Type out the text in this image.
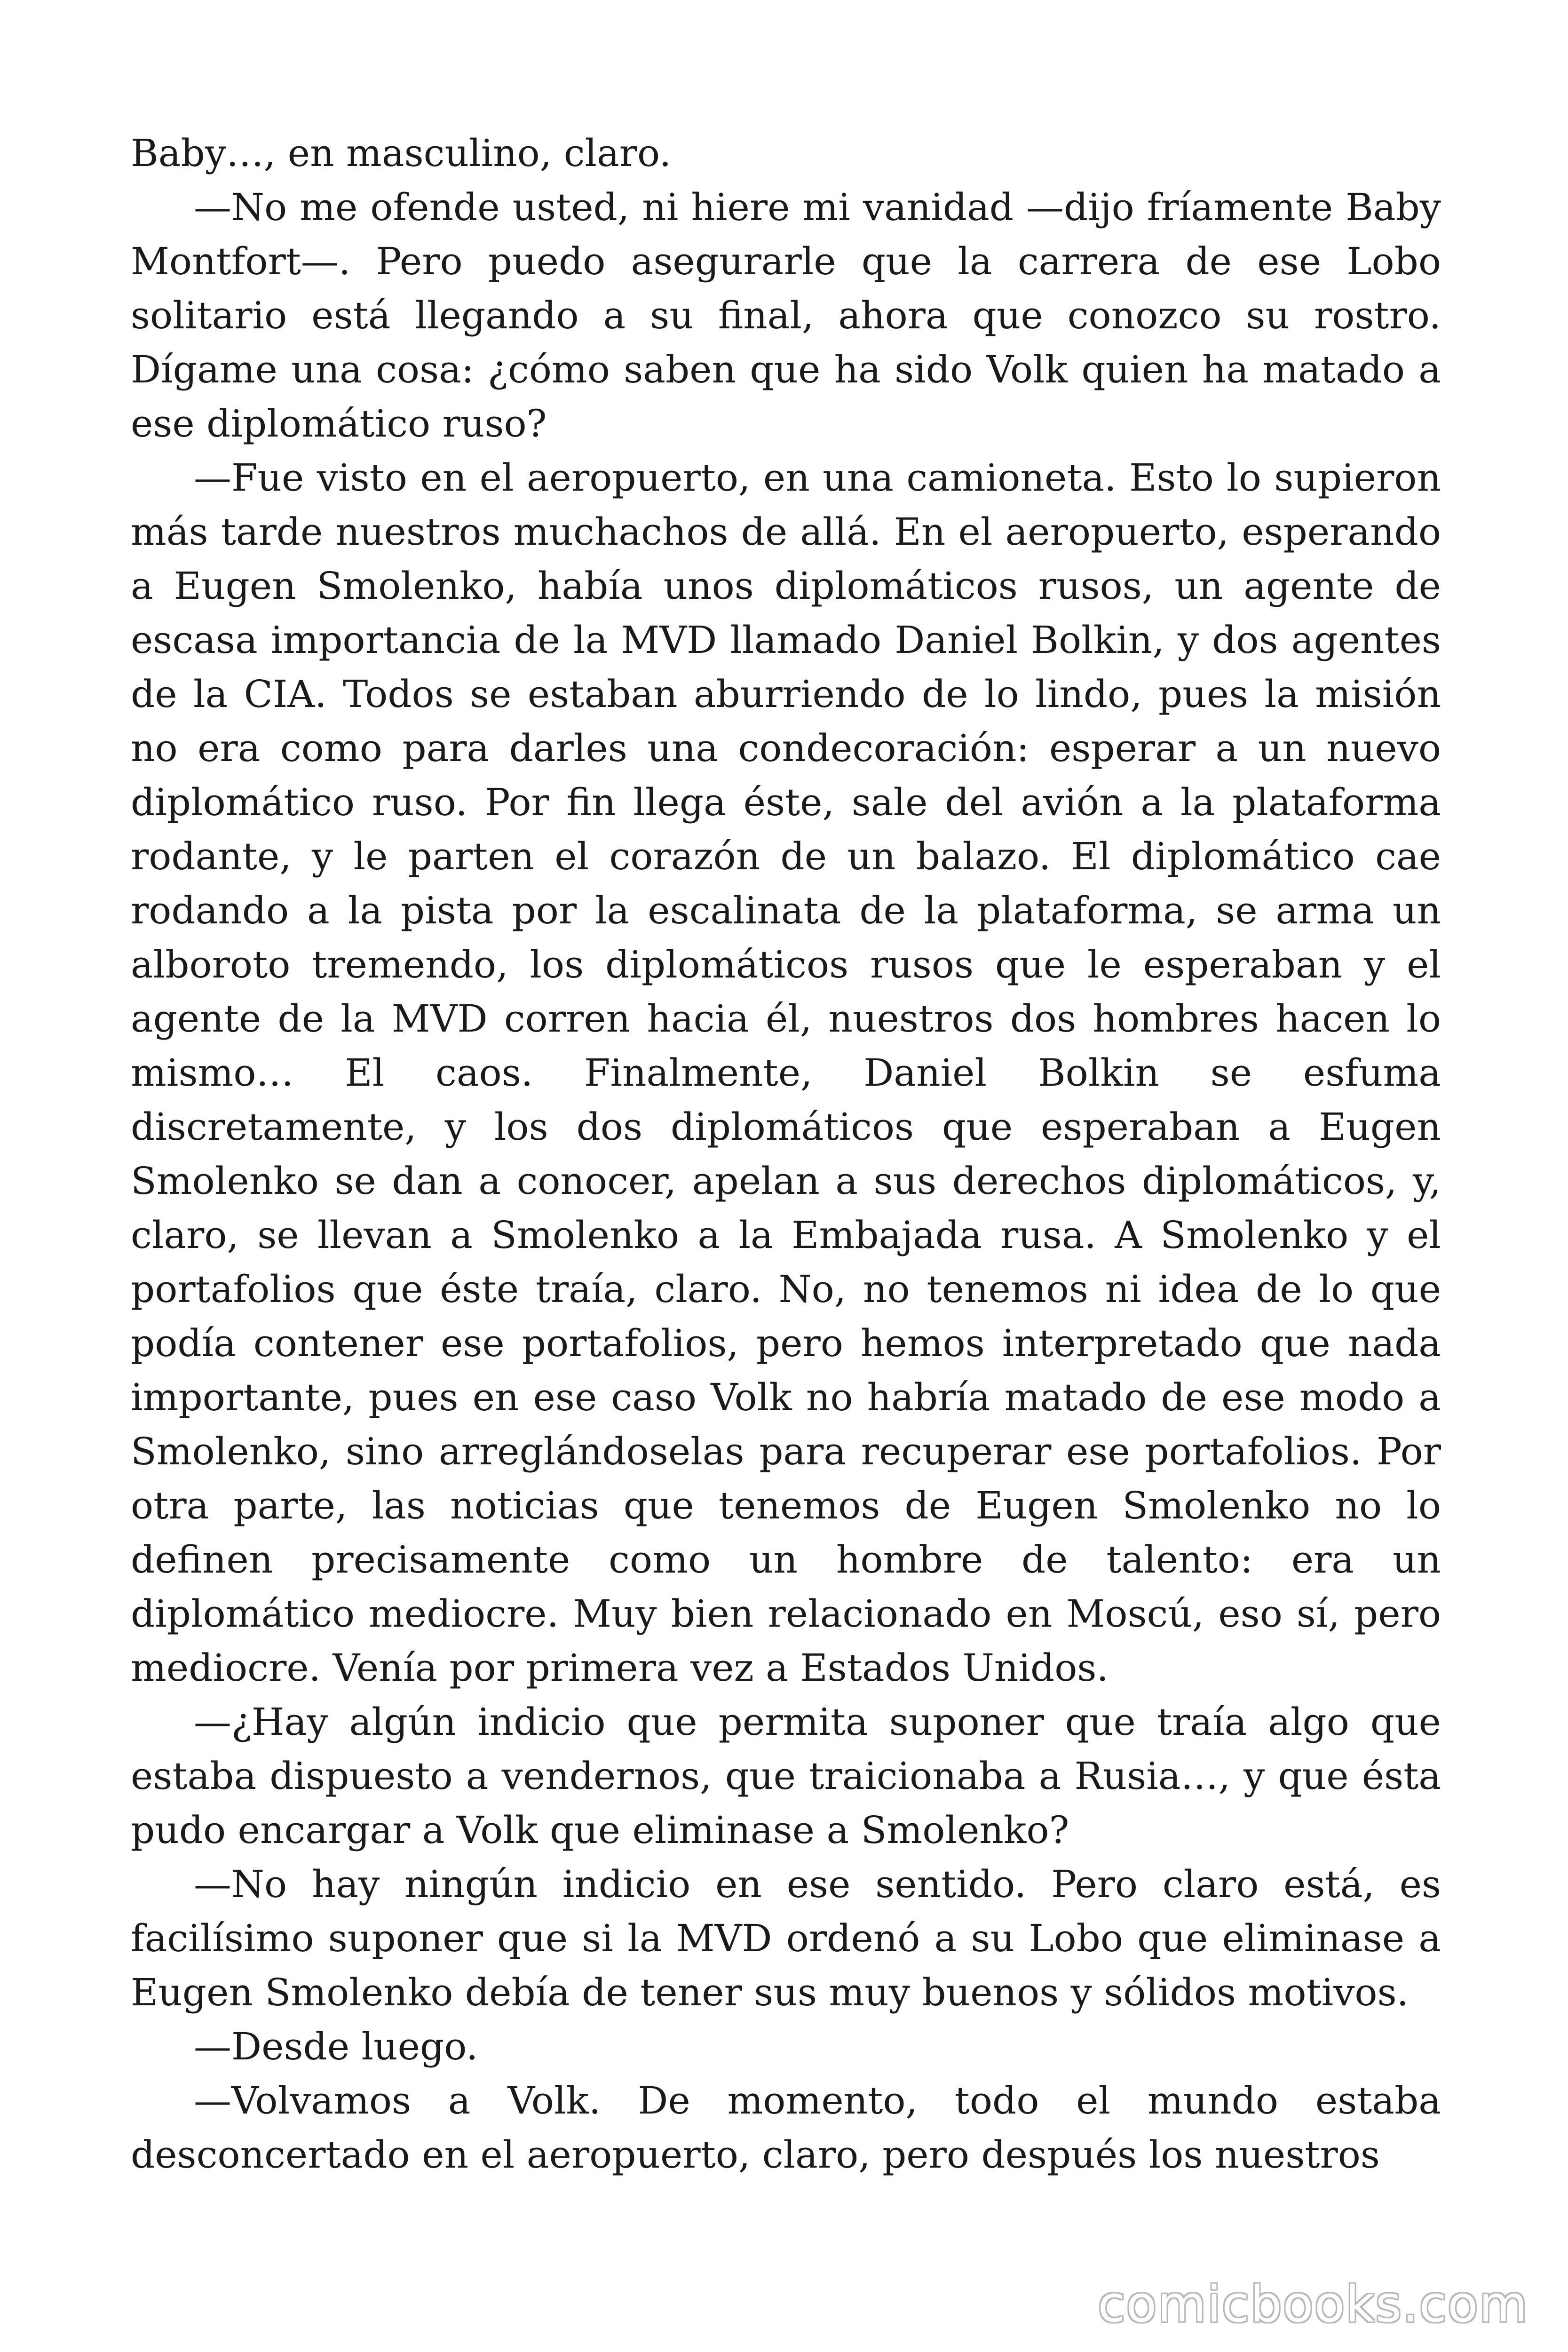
Baby…, en masculino, claro.

—No me ofende usted, ni hiere mi vanidad —dijo fríamente Baby Montfort—. Pero puedo asegurarle que la carrera de ese Lobo solitario está llegando a su final, ahora que conozco su rostro. Dígame una cosa: ¿cómo saben que ha sido Volk quien ha matado a ese diplomático ruso?

—Fue visto en el aeropuerto, en una camioneta. Esto lo supieron más tarde nuestros muchachos de allá. En el aeropuerto, esperando a Eugen Smolenko, había unos diplomáticos rusos, un agente de escasa importancia de la MVD llamado Daniel Bolkin, y dos agentes de la CIA. Todos se estaban aburriendo de lo lindo, pues la misión no era como para darles una condecoración: esperar a un nuevo diplomático ruso. Por fin llega éste, sale del avión a la plataforma rodante, y le parten el corazón de un balazo. El diplomático cae rodando a la pista por la escalinata de la plataforma, se arma un alboroto tremendo, los diplomáticos rusos que le esperaban y el agente de la MVD corren hacia él, nuestros dos hombres hacen lo mismo… El caos. Finalmente, Daniel Bolkin se esfuma discretamente, y los dos diplomáticos que esperaban a Eugen Smolenko se dan a conocer, apelan a sus derechos diplomáticos, y, claro, se llevan a Smolenko a la Embajada rusa. A Smolenko y el portafolios que éste traía, claro. No, no tenemos ni idea de lo que podía contener ese portafolios, pero hemos interpretado que nada importante, pues en ese caso Volk no habría matado de ese modo a Smolenko, sino arreglándoselas para recuperar ese portafolios. Por otra parte, las noticias que tenemos de Eugen Smolenko no lo definen precisamente como un hombre de talento: era un diplomático mediocre. Muy bien relacionado en Moscú, eso sí, pero mediocre. Venía por primera vez a Estados Unidos.

—¿Hay algún indicio que permita suponer que traía algo que estaba dispuesto a vendernos, que traicionaba a Rusia…, y que ésta pudo encargar a Volk que eliminase a Smolenko?

—No hay ningún indicio en ese sentido. Pero claro está, es facilísimo suponer que si la MVD ordenó a su Lobo que eliminase a Eugen Smolenko debía de tener sus muy buenos y sólidos motivos.

—Desde luego.

—Volvamos a Volk. De momento, todo el mundo estaba desconcertado en el aeropuerto, claro, pero después los nuestros

comicbooks.com
